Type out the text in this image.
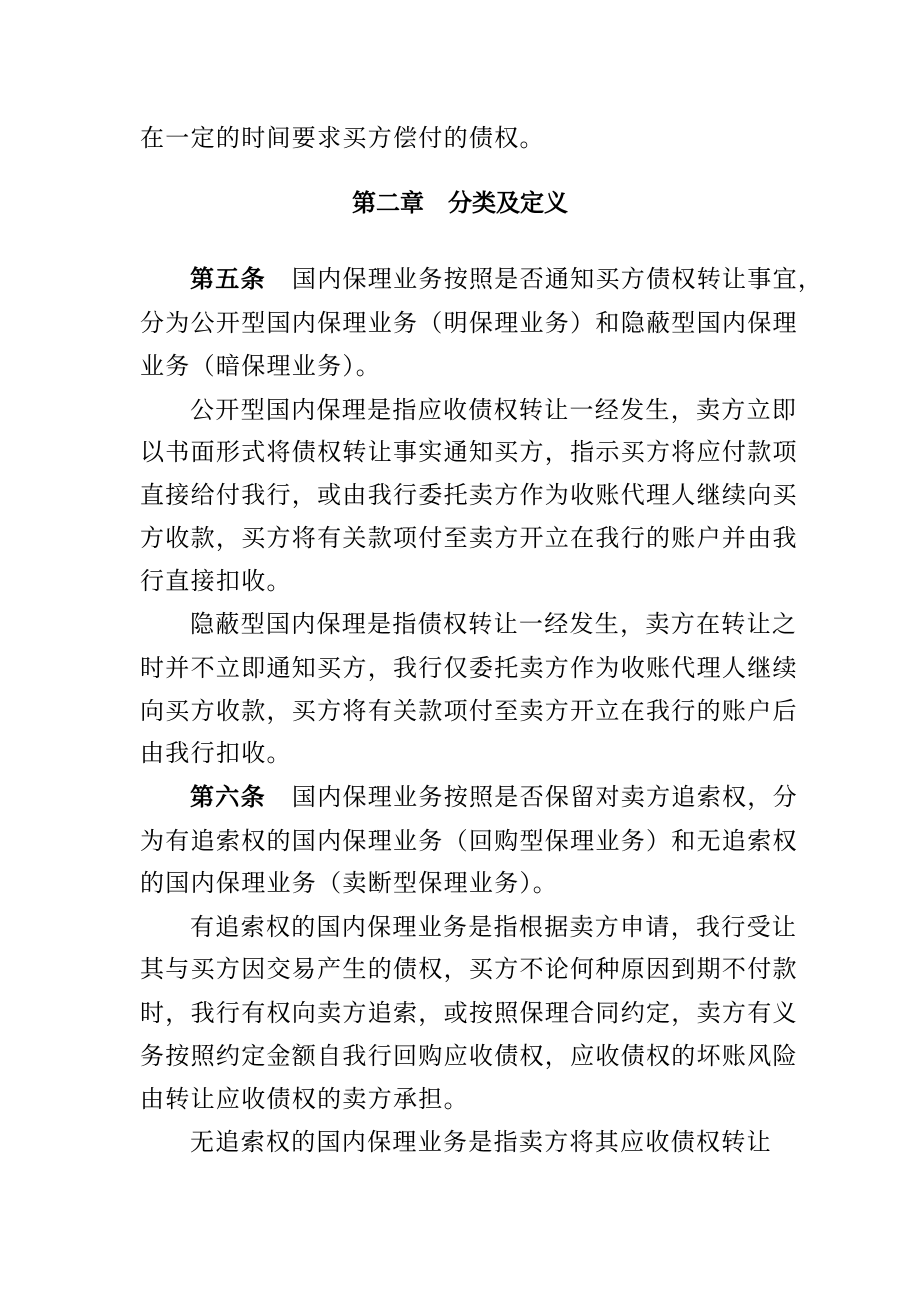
在一定的时间要求买方偿付的债权。
第二章　分类及定义
第五条 国内保理业务按照是否通知买方债权转让事宜，
分为公开型国内保理业务（明保理业务）和隐蔽型国内保理
业务（暗保理业务）。
公开型国内保理是指应收债权转让一经发生，卖方立即
以书面形式将债权转让事实通知买方，指示买方将应付款项
直接给付我行，或由我行委托卖方作为收账代理人继续向买
方收款，买方将有关款项付至卖方开立在我行的账户并由我
行直接扣收。
隐蔽型国内保理是指债权转让一经发生，卖方在转让之
时并不立即通知买方，我行仅委托卖方作为收账代理人继续
向买方收款，买方将有关款项付至卖方开立在我行的账户后
由我行扣收。
第六条 国内保理业务按照是否保留对卖方追索权，分
为有追索权的国内保理业务（回购型保理业务）和无追索权
的国内保理业务（卖断型保理业务）。
有追索权的国内保理业务是指根据卖方申请，我行受让
其与买方因交易产生的债权，买方不论何种原因到期不付款
时，我行有权向卖方追索，或按照保理合同约定，卖方有义
务按照约定金额自我行回购应收债权，应收债权的坏账风险
由转让应收债权的卖方承担。
无追索权的国内保理业务是指卖方将其应收债权转让
